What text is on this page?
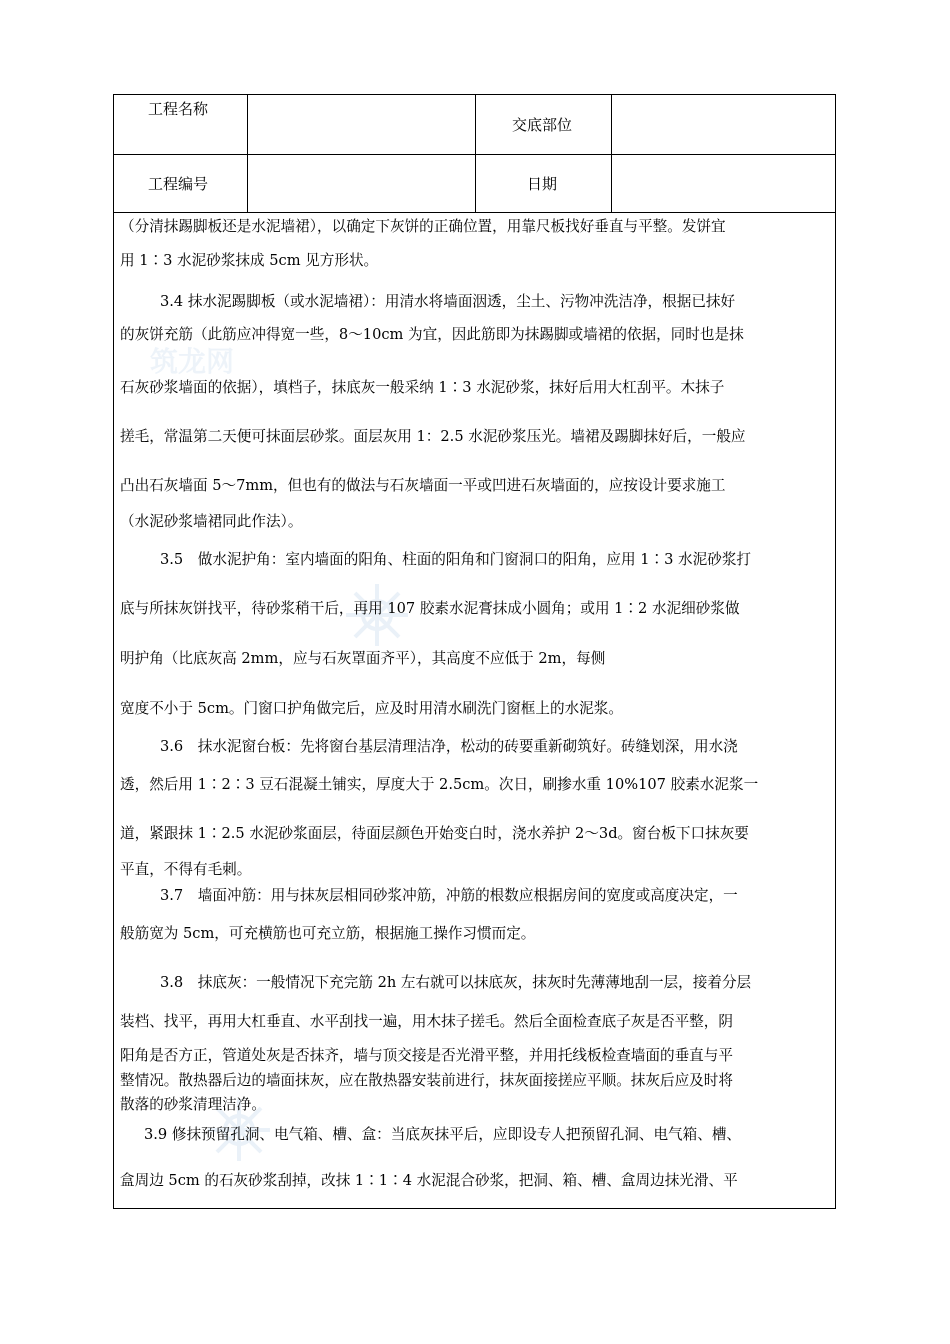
工程名称
交底部位
工程编号	日期
筑龙网
（分清抹踢脚板还是水泥墙裙），以确定下灰饼的正确位置，用靠尺板找好垂直与平整。发饼宜
用 1∶3 水泥砂浆抹成 5cm 见方形状。
3.4 抹水泥踢脚板（或水泥墙裙）：用清水将墙面洇透，尘土、污物冲洗洁净，根据已抹好
的灰饼充筋（此筋应冲得宽一些，8～10cm 为宜，因此筋即为抹踢脚或墙裙的依据，同时也是抹
石灰砂浆墙面的依据），填档子，抹底灰一般采纳 1∶3 水泥砂浆，抹好后用大杠刮平。木抹子
搓毛，常温第二天便可抹面层砂浆。面层灰用 1：2.5 水泥砂浆压光。墙裙及踢脚抹好后，一般应
凸出石灰墙面 5～7mm，但也有的做法与石灰墙面一平或凹进石灰墙面的，应按设计要求施工
（水泥砂浆墙裙同此作法）。
3.5　做水泥护角：室内墙面的阳角、柱面的阳角和门窗洞口的阳角，应用 1∶3 水泥砂浆打
底与所抹灰饼找平，待砂浆稍干后，再用 107 胶素水泥膏抹成小圆角；或用 1∶2 水泥细砂浆做
明护角（比底灰高 2mm，应与石灰罩面齐平），其高度不应低于 2m，每侧
宽度不小于 5cm。门窗口护角做完后，应及时用清水刷洗门窗框上的水泥浆。
3.6　抹水泥窗台板：先将窗台基层清理洁净，松动的砖要重新砌筑好。砖缝划深，用水浇
透，然后用 1∶2∶3 豆石混凝土铺实，厚度大于 2.5cm。次日，刷掺水重 10%107 胶素水泥浆一
道，紧跟抹 1∶2.5 水泥砂浆面层，待面层颜色开始变白时，浇水养护 2～3d。窗台板下口抹灰要
平直，不得有毛刺。
3.7　墙面冲筋：用与抹灰层相同砂浆冲筋，冲筋的根数应根据房间的宽度或高度决定，一
般筋宽为 5cm，可充横筋也可充立筋，根据施工操作习惯而定。
3.8　抹底灰：一般情况下充完筋 2h 左右就可以抹底灰，抹灰时先薄薄地刮一层，接着分层
装档、找平，再用大杠垂直、水平刮找一遍，用木抹子搓毛。然后全面检查底子灰是否平整，阴
阳角是否方正，管道处灰是否抹齐，墙与顶交接是否光滑平整，并用托线板检查墙面的垂直与平
整情况。散热器后边的墙面抹灰，应在散热器安装前进行，抹灰面接搓应平顺。抹灰后应及时将
散落的砂浆清理洁净。
3.9 修抹预留孔洞、电气箱、槽、盒：当底灰抹平后，应即设专人把预留孔洞、电气箱、槽、
盒周边 5cm 的石灰砂浆刮掉，改抹 1∶1∶4 水泥混合砂浆，把洞、箱、槽、盒周边抹光滑、平
